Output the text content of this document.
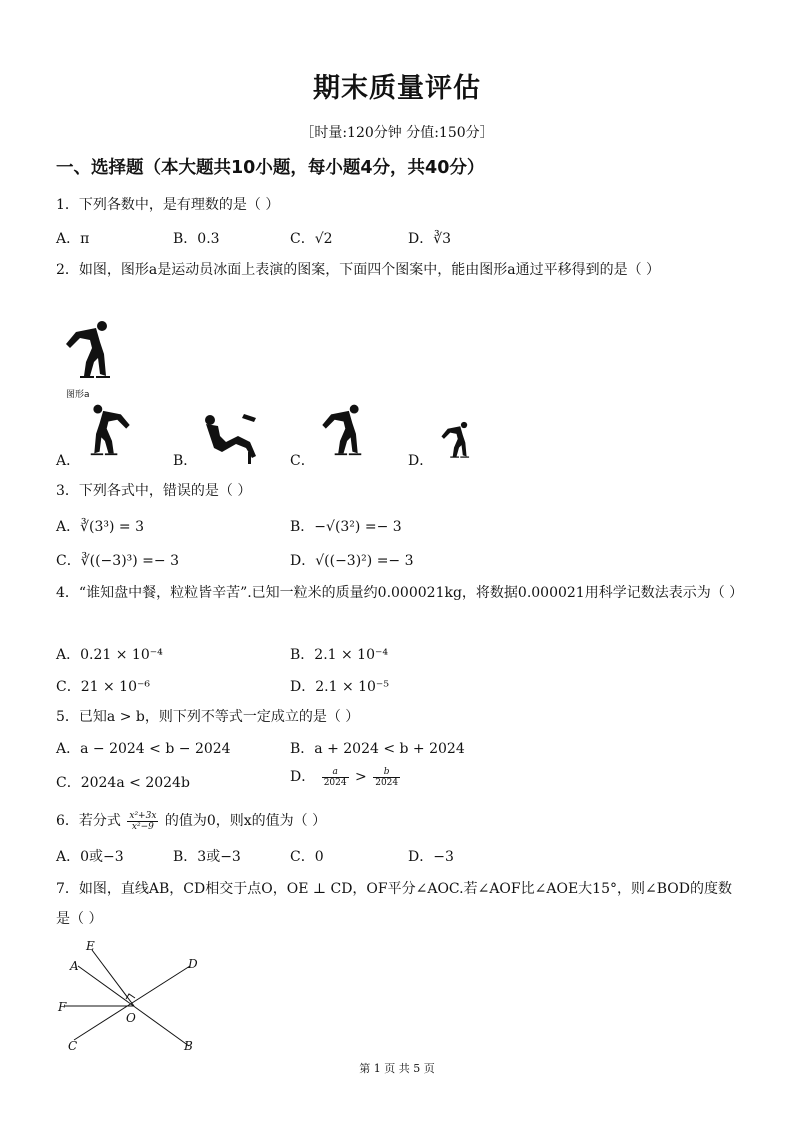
期末质量评估
［时量:120分钟 分值:150分］
一、选择题（本大题共10小题，每小题4分，共40分）
1．下列各数中，是有理数的是（ ）
A．π	B．0.3	C．√2	D．∛3
2．如图，图形a是运动员冰面上表演的图案，下面四个图案中，能由图形a通过平移得到的是（ ）
图形a
A．	B．	C．	D．
3．下列各式中，错误的是（ ）
A．∛(3³) = 3	B．−√(3²) =− 3
C．∛((−3)³) =− 3	D．√((−3)²) =− 3
4．“谁知盘中餐，粒粒皆辛苦”.已知一粒米的质量约0.000021kg，将数据0.000021用科学记数法表示为（ ）
A．0.21 × 10⁻⁴	B．2.1 × 10⁻⁴
C．21 × 10⁻⁶	D．2.1 × 10⁻⁵
5．已知a > b，则下列不等式一定成立的是（ ）
A．a − 2024 < b − 2024	B．a + 2024 < b + 2024
C．2024a < 2024b	D． $\frac{a}{2024} > \frac{b}{2024}$
6．若分式 $\frac{\text{x²+3x}}{\text{x²−9}}$ 的值为0，则x的值为（ ）
A．0或−3	B．3或−3	C．0	D．−3
7．如图，直线AB，CD相交于点O，OE ⊥ CD，OF平分∠AOC.若∠AOF比∠AOE大15°，则∠BOD的度数是（ ）
E
A	D
F
O
C	B
第 1 页 共 5 页
